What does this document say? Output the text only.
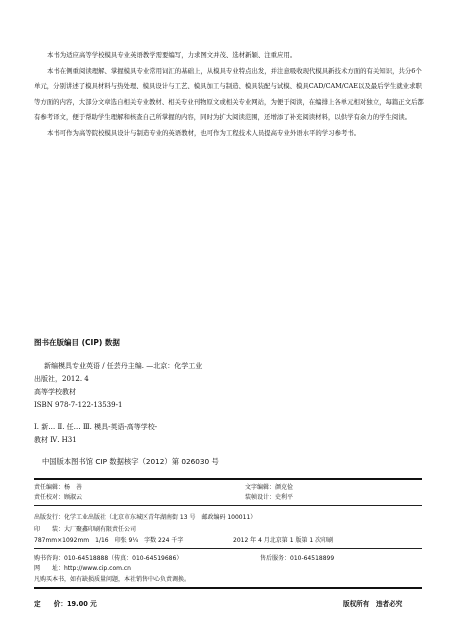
本书为适应高等学校模具专业英语教学需要编写，力求图文并茂、选材新颖、注重应用。

本书在侧重阅读理解、掌握模具专业常用词汇的基础上，从模具专业特点出发，并注意吸收现代模具新技术方面的有关知识，共分6个单元，分别讲述了模具材料与热处理、模具设计与工艺、模具加工与制造、模具装配与试模、模具CAD/CAM/CAE以及最后学生就业求职等方面的内容，大部分文章选自相关专业教材、相关专业刊物原文或相关专业网站，为便于阅读，在编排上各单元相对独立，每篇正文后都有参考译文，便于帮助学生理解和核查自己所掌握的内容，同时为扩大阅读范围，还增添了补充阅读材料，以供学有余力的学生阅读。

本书可作为高等院校模具设计与制造专业的英语教材，也可作为工程技术人员提高专业外语水平的学习参考书。

图书在版编目 (CIP) 数据
新编模具专业英语 / 任芸丹主编. —北京：化学工业
出版社，2012. 4
高等学校教材
ISBN 978-7-122-13539-1
Ⅰ. 新… Ⅱ. 任… Ⅲ. 模具-英语-高等学校-
教材 Ⅳ. H31
中国版本图书馆 CIP 数据核字（2012）第 026030 号
责任编辑：杨　善
责任校对：顾淑云
文字编辑：颜克俭
装帧设计：史利平
出版发行：化学工业出版社（北京市东城区青年湖南街 13 号　邮政编码 100011）
印　　装：大厂聚鑫印刷有限责任公司
787mm×1092mm　1/16　印张 9¼　字数 224 千字	2012 年 4 月北京第 1 版第 1 次印刷
购书咨询：010-64518888（传真：010-64519686）	售后服务：010-64518899
网　　址：http://www.cip.com.cn
凡购买本书，如有缺损质量问题，本社销售中心负责调换。
定　　价：19.00 元	版权所有　违者必究
